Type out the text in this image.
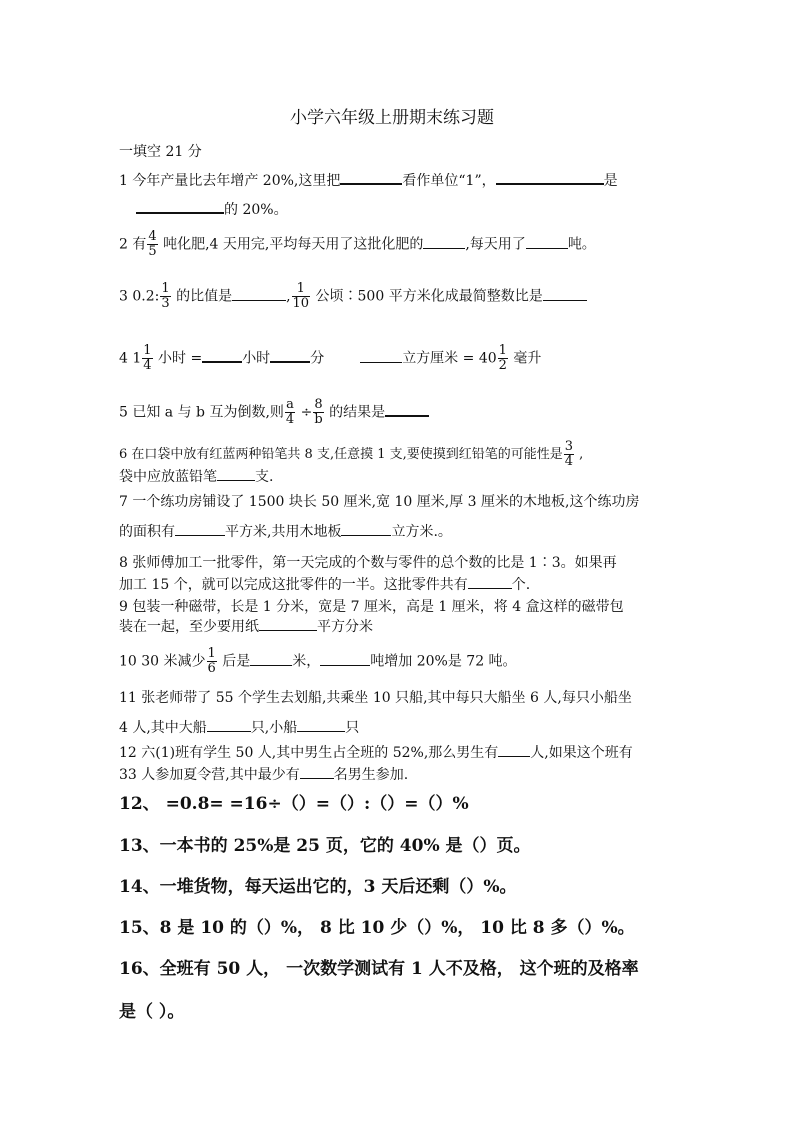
小学六年级上册期末练习题
一填空 21 分
1 今年产量比去年增产 20%,这里把	看作单位“1”，	是
的 20%。
2 有 $\frac{4}{5}$ 吨化肥,4 天用完,平均每天用了这批化肥的	,每天用了	吨。
3 0.2: $\frac{1}{3}$ 的比值是	, $\frac{1}{10}$ 公顷∶500 平方米化成最简整数比是
4 $1 \frac{1}{4}$ 小时 =	小时	分	立方厘米 = $40 \frac{1}{2}$ 毫升
5 已知 a 与 b 互为倒数,则 $\frac{a}{4} \div \frac{8}{b}$ 的结果是
6 在口袋中放有红蓝两种铅笔共 8 支,任意摸 1 支,要使摸到红铅笔的可能性是 $\frac{3}{4}$ ,
袋中应放蓝铅笔	支.
7 一个练功房铺设了 1500 块长 50 厘米,宽 10 厘米,厚 3 厘米的木地板,这个练功房
的面积有	平方米,共用木地板	立方米.。
8 张师傅加工一批零件，第一天完成的个数与零件的总个数的比是 1∶3。如果再
加工 15 个，就可以完成这批零件的一半。这批零件共有	个.
9 包装一种磁带，长是 1 分米，宽是 7 厘米，高是 1 厘米，将 4 盒这样的磁带包
装在一起，至少要用纸	平方分米
10 30 米减少 $\frac{1}{6}$ 后是	米，	吨增加 20%是 72 吨。
11 张老师带了 55 个学生去划船,共乘坐 10 只船,其中每只大船坐 6 人,每只小船坐
4 人,其中大船	只,小船	只
12 六(1)班有学生 50 人,其中男生占全班的 52%,那么男生有 人,如果这个班有
33 人参加夏令营,其中最少有 名男生参加.
12、 =0.8= =16÷（）=（）:（）=（）%
13、一本书的 25%是 25 页，它的 40% 是（）页。
14、一堆货物，每天运出它的，3 天后还剩（）%。
15、8 是 10 的（）%， 8 比 10 少（）%， 10 比 8 多（）%。
16、全班有 50 人， 一次数学测试有 1 人不及格， 这个班的及格率
是（ ）。
